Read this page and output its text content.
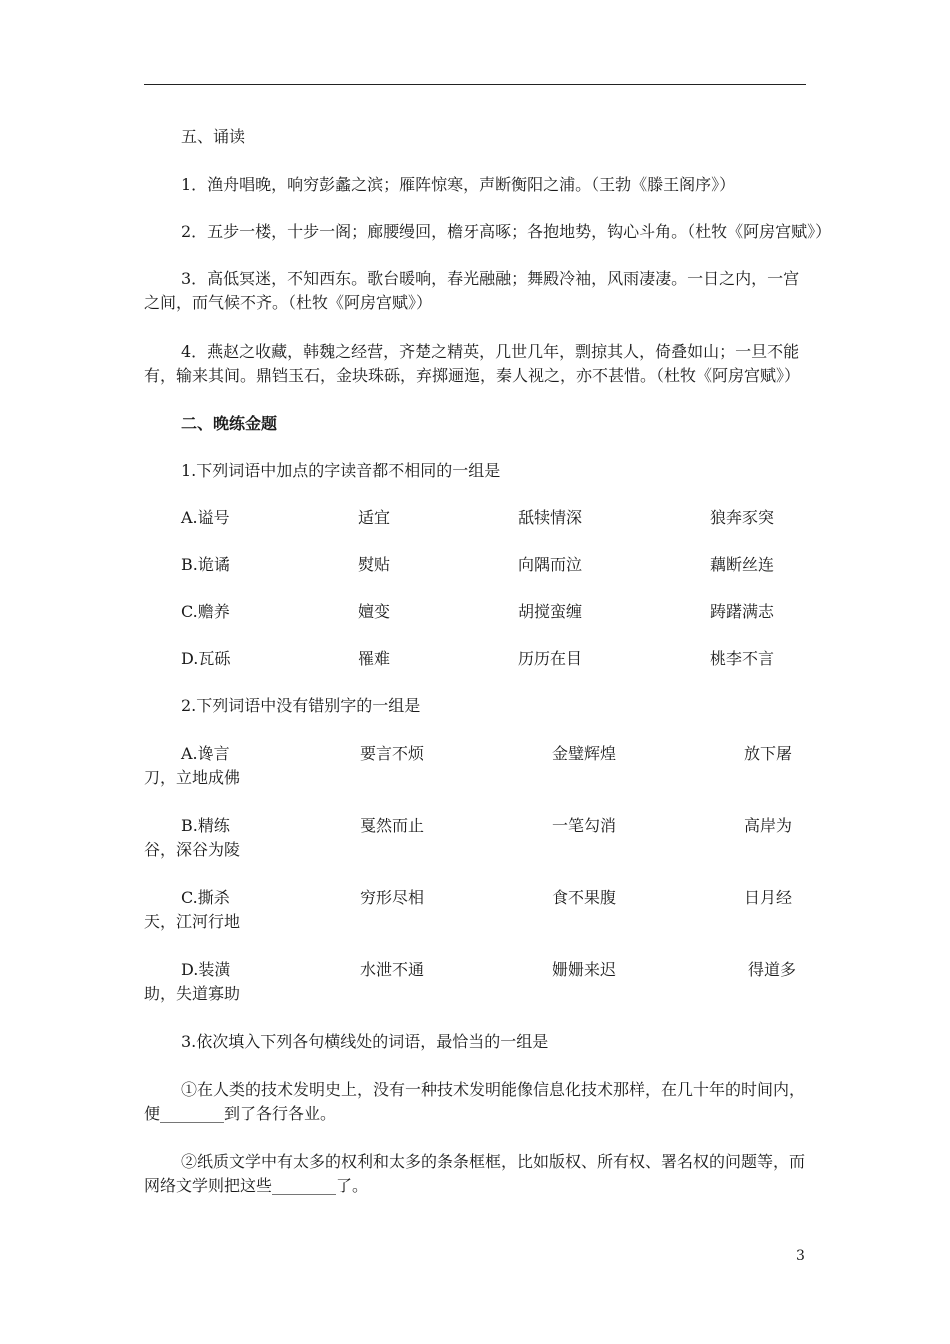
五、诵读
1．渔舟唱晚，响穷彭蠡之滨；雁阵惊寒，声断衡阳之浦。（王勃《滕王阁序》）
2．五步一楼，十步一阁；廊腰缦回，檐牙高啄；各抱地势，钩心斗角。（杜牧《阿房宫赋》）
3．高低冥迷，不知西东。歌台暖响，春光融融；舞殿冷袖，风雨凄凄。一日之内，一宫之间，而气候不齐。（杜牧《阿房宫赋》）
4．燕赵之收藏，韩魏之经营，齐楚之精英，几世几年，剽掠其人，倚叠如山；一旦不能有，输来其间。鼎铛玉石，金块珠砾，弃掷逦迤，秦人视之，亦不甚惜。（杜牧《阿房宫赋》）
二、晚练金题
1.下列词语中加点的字读音都不相同的一组是
A.谥号	适宜	舐犊情深	狼奔豕突
B.诡谲	熨贴	向隅而泣	藕断丝连
C.赡养	嬗变	胡搅蛮缠	踌躇满志
D.瓦砾	罹难	历历在目	桃李不言
2.下列词语中没有错别字的一组是
A.谗言	要言不烦	金璧辉煌	放下屠
刀，立地成佛
B.精练	戛然而止	一笔勾消	高岸为
谷，深谷为陵
C.撕杀	穷形尽相	食不果腹	日月经
天，江河行地
D.装潢	水泄不通	姗姗来迟	得道多
助，失道寡助
3.依次填入下列各句横线处的词语，最恰当的一组是
①在人类的技术发明史上，没有一种技术发明能像信息化技术那样，在几十年的时间内，便________到了各行各业。
②纸质文学中有太多的权利和太多的条条框框，比如版权、所有权、署名权的问题等，而网络文学则把这些________了。
3
